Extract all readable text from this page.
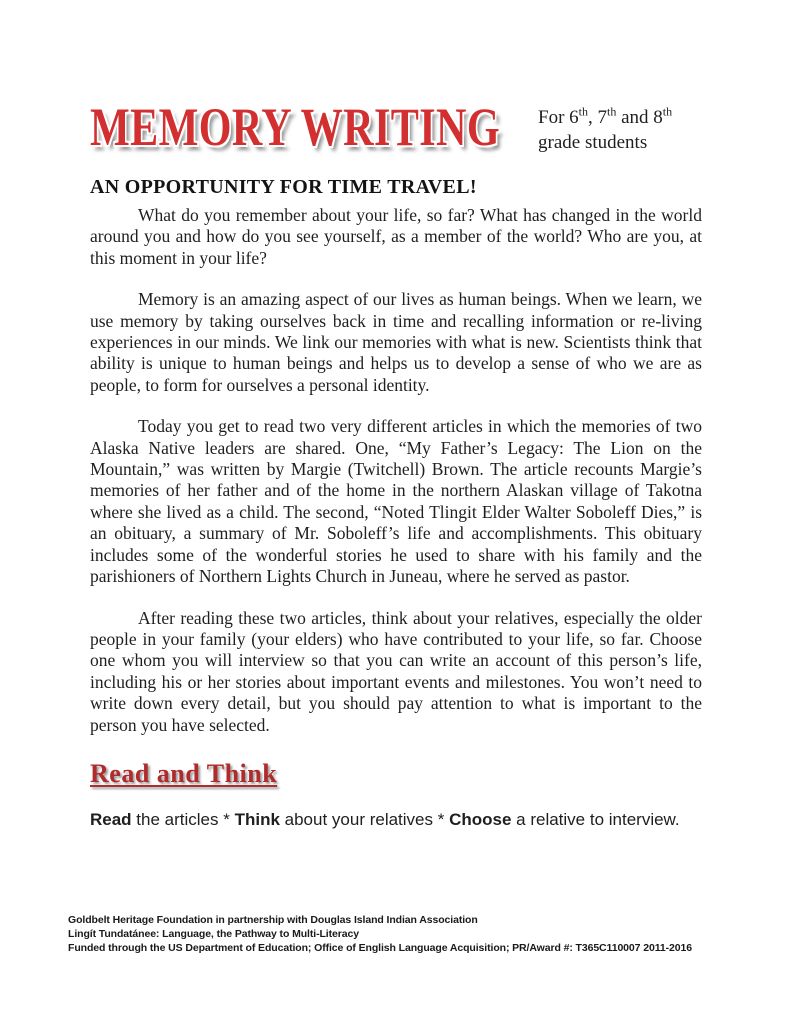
MEMORY WRITING	For 6th, 7th and 8th
grade students
AN OPPORTUNITY FOR TIME TRAVEL!

What do you remember about your life, so far? What has changed in the world around you and how do you see yourself, as a member of the world? Who are you, at this moment in your life?

Memory is an amazing aspect of our lives as human beings. When we learn, we use memory by taking ourselves back in time and recalling information or re-living experiences in our minds. We link our memories with what is new. Scientists think that ability is unique to human beings and helps us to develop a sense of who we are as people, to form for ourselves a personal identity.

Today you get to read two very different articles in which the memories of two Alaska Native leaders are shared. One, “My Father’s Legacy: The Lion on the Mountain,” was written by Margie (Twitchell) Brown. The article recounts Margie’s memories of her father and of the home in the northern Alaskan village of Takotna where she lived as a child. The second, “Noted Tlingit Elder Walter Soboleff Dies,” is an obituary, a summary of Mr. Soboleff’s life and accomplishments. This obituary includes some of the wonderful stories he used to share with his family and the parishioners of Northern Lights Church in Juneau, where he served as pastor.

After reading these two articles, think about your relatives, especially the older people in your family (your elders) who have contributed to your life, so far. Choose one whom you will interview so that you can write an account of this person’s life, including his or her stories about important events and milestones. You won’t need to write down every detail, but you should pay attention to what is important to the person you have selected.

Read and Think
Read the articles * Think about your relatives * Choose a relative to interview.
Goldbelt Heritage Foundation in partnership with Douglas Island Indian Association
Lingít Tundatánee: Language, the Pathway to Multi-Literacy
Funded through the US Department of Education; Office of English Language Acquisition; PR/Award #: T365C110007 2011-2016
